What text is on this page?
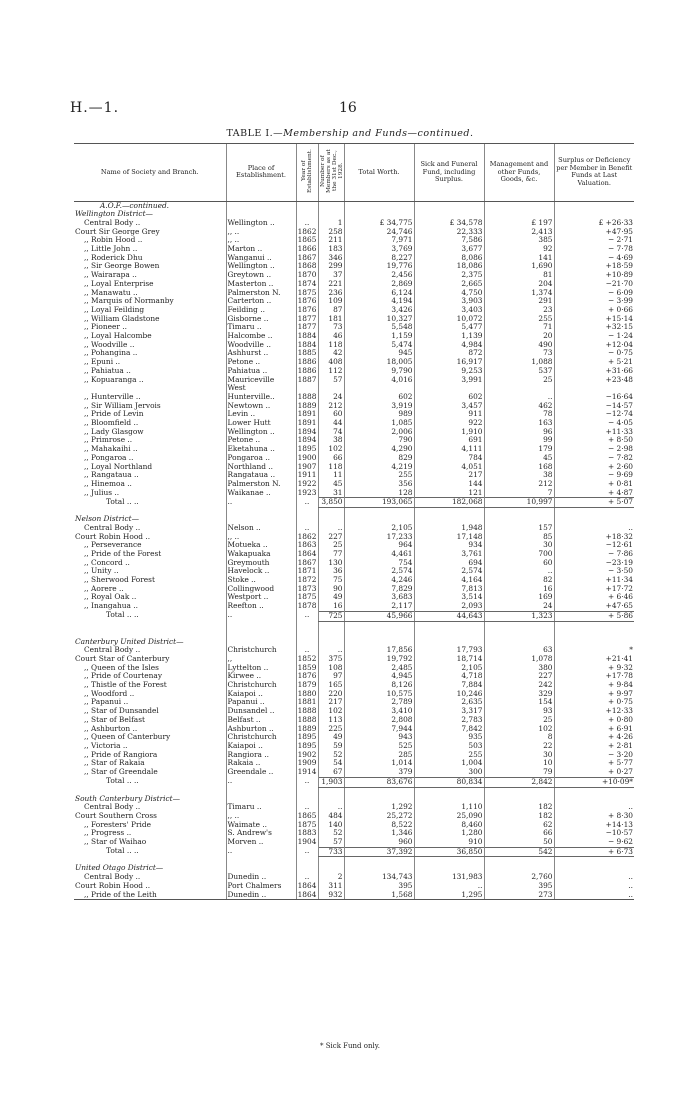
H.—1.	16
TABLE I.—Membership and Funds—continued.
Name of Society and Branch.	Place of Establishment.	Year of Establishment.	Number of Members as at the 31st Dec., 1928.	Total Worth.	Sick and Funeral Fund, including Surplus.	Management and other Funds, Goods, &c.	Surplus or Deficiency per Member in Benefit Funds at Last Valuation.
A.O.F.—continued.							
Wellington District—							
Central Body ..	Wellington ..	..	1	£ 34,775	£ 34,578	£ 197	£ +26·33
Court Sir George Grey	,, ..	1862	258	24,746	22,333	2,413	+47·95
,, Robin Hood ..	,, ..	1865	211	7,971	7,586	385	− 2·71
,, Little John ..	Marton ..	1866	183	3,769	3,677	92	− 7·78
,, Roderick Dhu	Wanganui ..	1867	346	8,227	8,086	141	− 4·69
,, Sir George Bowen	Wellington ..	1868	299	19,776	18,086	1,690	+18·59
,, Wairarapa ..	Greytown ..	1870	37	2,456	2,375	81	+10·89
,, Loyal Enterprise	Masterton ..	1874	221	2,869	2,665	204	−21·70
,, Manawatu ..	Palmerston N.	1875	236	6,124	4,750	1,374	− 6·09
,, Marquis of Normanby	Carterton ..	1876	109	4,194	3,903	291	− 3·99
,, Loyal Feilding	Feilding ..	1876	87	3,426	3,403	23	+ 0·66
,, William Gladstone	Gisborne ..	1877	181	10,327	10,072	255	+15·14
,, Pioneer ..	Timaru ..	1877	73	5,548	5,477	71	+32·15
,, Loyal Halcombe	Halcombe ..	1884	46	1,159	1,139	20	− 1·24
,, Woodville ..	Woodville ..	1884	118	5,474	4,984	490	+12·04
,, Pohangina ..	Ashhurst ..	1885	42	945	872	73	− 0·75
,, Epuni ..	Petone ..	1886	408	18,005	16,917	1,088	+ 5·21
,, Pahiatua ..	Pahiatua ..	1886	112	9,790	9,253	537	+31·66
,, Kopuaranga ..	Mauriceville	1887	57	4,016	3,991	25	+23·48
	West						
,, Hunterville ..	Hunterville..	1888	24	602	602	..	−16·64
,, Sir William Jervois	Newtown ..	1889	212	3,919	3,457	462	−14·57
,, Pride of Levin	Levin ..	1891	60	989	911	78	−12·74
,, Bloomfield ..	Lower Hutt	1891	44	1,085	922	163	− 4·05
,, Lady Glasgow	Wellington ..	1894	74	2,006	1,910	96	+11·33
,, Primrose ..	Petone ..	1894	38	790	691	99	+ 8·50
,, Mahakaihi ..	Eketahuna ..	1895	102	4,290	4,111	179	− 2·98
,, Pongaroa ..	Pongaroa ..	1900	66	829	784	45	− 7·82
,, Loyal Northland	Northland ..	1907	118	4,219	4,051	168	+ 2·60
,, Rangataua ..	Rangataua ..	1911	11	255	217	38	− 9·69
,, Hinemoa ..	Palmerston N.	1922	45	356	144	212	+ 0·81
,, Julius ..	Waikanae ..	1923	31	128	121	7	+ 4·87
Total .. ..	..	..	3,850	193,065	182,068	10,997	+ 5·07

Nelson District—							
Central Body ..	Nelson ..	..	..	2,105	1,948	157	..
Court Robin Hood ..	,, ..	1862	227	17,233	17,148	85	+18·32
,, Perseverance	Motueka ..	1863	25	964	934	30	−12·61
,, Pride of the Forest	Wakapuaka	1864	77	4,461	3,761	700	− 7·86
,, Concord ..	Greymouth	1867	130	754	694	60	−23·19
,, Unity ..	Havelock ..	1871	36	2,574	2,574	..	− 3·50
,, Sherwood Forest	Stoke ..	1872	75	4,246	4,164	82	+11·34
,, Aorere ..	Collingwood	1873	90	7,829	7,813	16	+17·72
,, Royal Oak ..	Westport ..	1875	49	3,683	3,514	169	+ 6·46
,, Inangahua ..	Reefton ..	1878	16	2,117	2,093	24	+47·65
Total .. ..	..	..	725	45,966	44,643	1,323	+ 5·86

Canterbury United District—							
Central Body ..	Christchurch	..	..	17,856	17,793	63	*
Court Star of Canterbury	,,	1852	375	19,792	18,714	1,078	+21·41
,, Queen of the Isles	Lyttelton ..	1859	108	2,485	2,105	380	+ 9·32
,, Pride of Courtenay	Kirwee ..	1876	97	4,945	4,718	227	+17·78
,, Thistle of the Forest	Christchurch	1879	165	8,126	7,884	242	+ 9·84
,, Woodford ..	Kaiapoi ..	1880	220	10,575	10,246	329	+ 9·97
,, Papanui ..	Papanui ..	1881	217	2,789	2,635	154	+ 0·75
,, Star of Dunsandel	Dunsandel ..	1888	102	3,410	3,317	93	+12·33
,, Star of Belfast	Belfast ..	1888	113	2,808	2,783	25	+ 0·80
,, Ashburton ..	Ashburton ..	1889	225	7,944	7,842	102	+ 6·91
,, Queen of Canterbury	Christchurch	1895	49	943	935	8	+ 4·26
,, Victoria ..	Kaiapoi ..	1895	59	525	503	22	+ 2·81
,, Pride of Rangiora	Rangiora ..	1902	52	285	255	30	− 3·20
,, Star of Rakaia	Rakaia ..	1909	54	1,014	1,004	10	+ 5·77
,, Star of Greendale	Greendale ..	1914	67	379	300	79	+ 0·27
Total .. ..	..	..	1,903	83,676	80,834	2,842	+10·09*

South Canterbury District—							
Central Body ..	Timaru ..	..	..	1,292	1,110	182	..
Court Southern Cross	,, ..	1865	484	25,272	25,090	182	+ 8·30
,, Foresters' Pride	Waimate ..	1875	140	8,522	8,460	62	+14·13
,, Progress ..	S. Andrew's	1883	52	1,346	1,280	66	−10·57
,, Star of Waihao	Morven ..	1904	57	960	910	50	− 9·62
Total .. ..	..	..	733	37,392	36,850	542	+ 6·73

United Otago District—							
Central Body ..	Dunedin ..	..	2	134,743	131,983	2,760	..
Court Robin Hood ..	Port Chalmers	1864	311	395	..	395	..
,, Pride of the Leith	Dunedin ..	1864	932	1,568	1,295	273	..
* Sick Fund only.
